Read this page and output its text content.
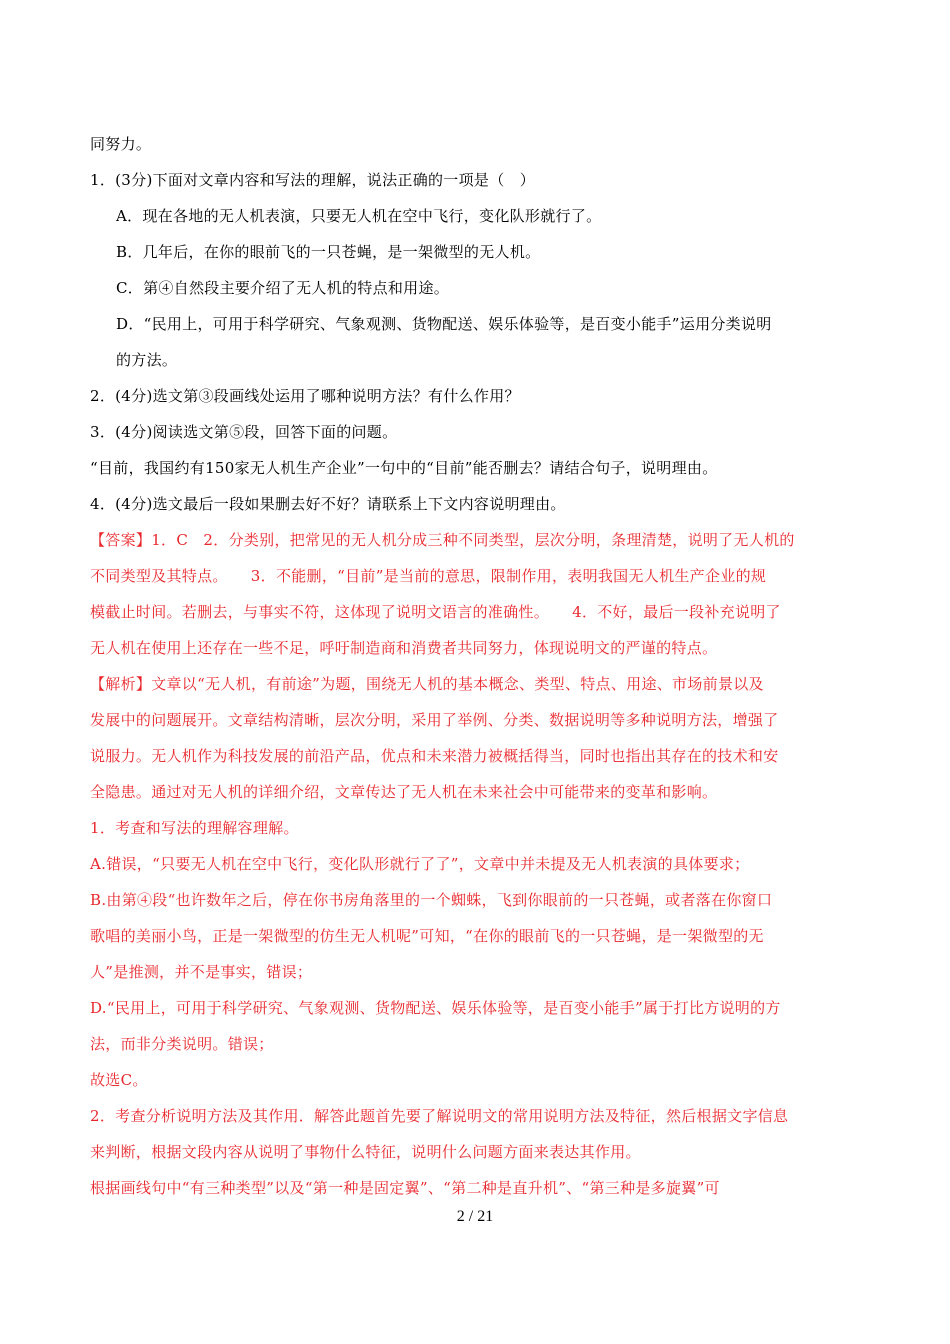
同努力。
1．(3分)下面对文章内容和写法的理解，说法正确的一项是（　）
A．现在各地的无人机表演，只要无人机在空中飞行，变化队形就行了。
B．几年后，在你的眼前飞的一只苍蝇，是一架微型的无人机。
C．第④自然段主要介绍了无人机的特点和用途。
D．“民用上，可用于科学研究、气象观测、货物配送、娱乐体验等，是百变小能手”运用分类说明
的方法。
2．(4分)选文第③段画线处运用了哪种说明方法？有什么作用？
3．(4分)阅读选文第⑤段，回答下面的问题。
“目前，我国约有150家无人机生产企业”一句中的“目前”能否删去？请结合句子，说明理由。
4．(4分)选文最后一段如果删去好不好？请联系上下文内容说明理由。
【答案】1．C　2．分类别，把常见的无人机分成三种不同类型，层次分明，条理清楚，说明了无人机的
不同类型及其特点。　　3．不能删，“目前”是当前的意思，限制作用，表明我国无人机生产企业的规
模截止时间。若删去，与事实不符，这体现了说明文语言的准确性。　　4．不好，最后一段补充说明了
无人机在使用上还存在一些不足，呼吁制造商和消费者共同努力，体现说明文的严谨的特点。
【解析】文章以“无人机，有前途”为题，围绕无人机的基本概念、类型、特点、用途、市场前景以及
发展中的问题展开。文章结构清晰，层次分明，采用了举例、分类、数据说明等多种说明方法，增强了
说服力。无人机作为科技发展的前沿产品，优点和未来潜力被概括得当，同时也指出其存在的技术和安
全隐患。通过对无人机的详细介绍，文章传达了无人机在未来社会中可能带来的变革和影响。
1．考查和写法的理解容理解。
A.错误，“只要无人机在空中飞行，变化队形就行了了”，文章中并未提及无人机表演的具体要求；
B.由第④段“也许数年之后，停在你书房角落里的一个蜘蛛，飞到你眼前的一只苍蝇，或者落在你窗口
歌唱的美丽小鸟，正是一架微型的仿生无人机呢”可知，“在你的眼前飞的一只苍蝇，是一架微型的无
人”是推测，并不是事实，错误；
D.“民用上，可用于科学研究、气象观测、货物配送、娱乐体验等，是百变小能手”属于打比方说明的方
法，而非分类说明。错误；
故选C。
2．考查分析说明方法及其作用．解答此题首先要了解说明文的常用说明方法及特征，然后根据文字信息
来判断，根据文段内容从说明了事物什么特征，说明什么问题方面来表达其作用。
根据画线句中“有三种类型”以及“第一种是固定翼”、“第二种是直升机”、“第三种是多旋翼”可
2 / 21
